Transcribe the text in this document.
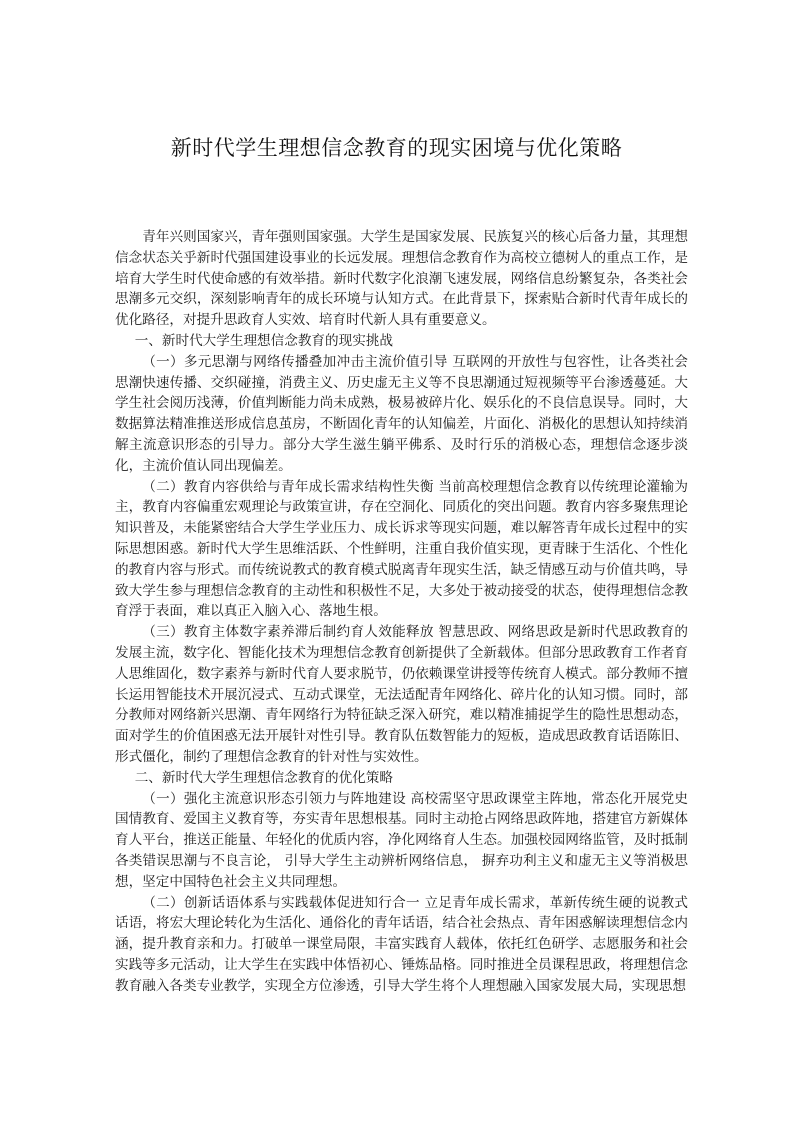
新时代学生理想信念教育的现实困境与优化策略

青年兴则国家兴，青年强则国家强。大学生是国家发展、民族复兴的核心后备力量，其理想信念状态关乎新时代强国建设事业的长远发展。理想信念教育作为高校立德树人的重点工作，是培育大学生时代使命感的有效举措。新时代数字化浪潮飞速发展，网络信息纷繁复杂，各类社会思潮多元交织，深刻影响青年的成长环境与认知方式。在此背景下，探索贴合新时代青年成长的优化路径，对提升思政育人实效、培育时代新人具有重要意义。

一、新时代大学生理想信念教育的现实挑战

（一）多元思潮与网络传播叠加冲击主流价值引导 互联网的开放性与包容性，让各类社会思潮快速传播、交织碰撞，消费主义、历史虚无主义等不良思潮通过短视频等平台渗透蔓延。大学生社会阅历浅薄，价值判断能力尚未成熟，极易被碎片化、娱乐化的不良信息误导。同时，大数据算法精准推送形成信息茧房，不断固化青年的认知偏差，片面化、消极化的思想认知持续消解主流意识形态的引导力。部分大学生滋生躺平佛系、及时行乐的消极心态，理想信念逐步淡化，主流价值认同出现偏差。

（二）教育内容供给与青年成长需求结构性失衡 当前高校理想信念教育以传统理论灌输为主，教育内容偏重宏观理论与政策宣讲，存在空洞化、同质化的突出问题。教育内容多聚焦理论知识普及，未能紧密结合大学生学业压力、成长诉求等现实问题，难以解答青年成长过程中的实际思想困惑。新时代大学生思维活跃、个性鲜明，注重自我价值实现，更青睐于生活化、个性化的教育内容与形式。而传统说教式的教育模式脱离青年现实生活，缺乏情感互动与价值共鸣，导致大学生参与理想信念教育的主动性和积极性不足，大多处于被动接受的状态，使得理想信念教育浮于表面，难以真正入脑入心、落地生根。

（三）教育主体数字素养滞后制约育人效能释放 智慧思政、网络思政是新时代思政教育的发展主流，数字化、智能化技术为理想信念教育创新提供了全新载体。但部分思政教育工作者育人思维固化，数字素养与新时代育人要求脱节，仍依赖课堂讲授等传统育人模式。部分教师不擅长运用智能技术开展沉浸式、互动式课堂，无法适配青年网络化、碎片化的认知习惯。同时，部分教师对网络新兴思潮、青年网络行为特征缺乏深入研究，难以精准捕捉学生的隐性思想动态，面对学生的价值困惑无法开展针对性引导。教育队伍数智能力的短板，造成思政教育话语陈旧、形式僵化，制约了理想信念教育的针对性与实效性。

二、新时代大学生理想信念教育的优化策略

（一）强化主流意识形态引领力与阵地建设 高校需坚守思政课堂主阵地，常态化开展党史国情教育、爱国主义教育等，夯实青年思想根基。同时主动抢占网络思政阵地，搭建官方新媒体育人平台，推送正能量、年轻化的优质内容，净化网络育人生态。加强校园网络监管，及时抵制各类错误思潮与不良言论， 引导大学生主动辨析网络信息， 摒弃功利主义和虚无主义等消极思想，坚定中国特色社会主义共同理想。

（二）创新话语体系与实践载体促进知行合一 立足青年成长需求，革新传统生硬的说教式话语，将宏大理论转化为生活化、通俗化的青年话语，结合社会热点、青年困惑解读理想信念内涵，提升教育亲和力。打破单一课堂局限，丰富实践育人载体，依托红色研学、志愿服务和社会实践等多元活动，让大学生在实践中体悟初心、锤炼品格。同时推进全员课程思政，将理想信念教育融入各类专业教学，实现全方位渗透，引导大学生将个人理想融入国家发展大局，实现思想
